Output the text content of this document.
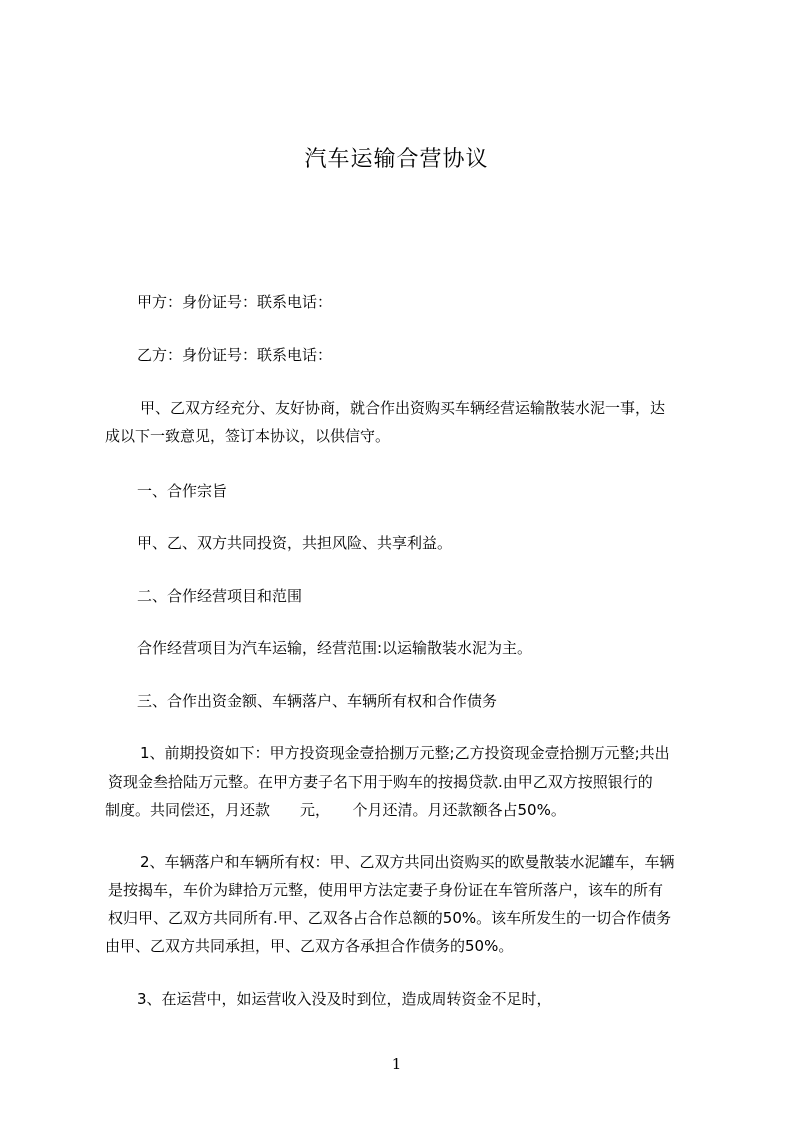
汽车运输合营协议
甲方：身份证号：联系电话：
乙方：身份证号：联系电话：
甲、乙双方经充分、友好协商，就合作出资购买车辆经营运输散装水泥一事，达
成以下一致意见，签订本协议，以供信守。
一、合作宗旨
甲、乙、双方共同投资，共担风险、共享利益。
二、合作经营项目和范围
合作经营项目为汽车运输，经营范围:以运输散装水泥为主。
三、合作出资金额、车辆落户、车辆所有权和合作债务
1、前期投资如下：甲方投资现金壹拾捌万元整;乙方投资现金壹拾捌万元整;共出
资现金叁拾陆万元整。在甲方妻子名下用于购车的按揭贷款.由甲乙双方按照银行的
制度。共同偿还，月还款　　元，　　个月还清。月还款额各占50%。
2、车辆落户和车辆所有权：甲、乙双方共同出资购买的欧曼散装水泥罐车，车辆
是按揭车，车价为肆拾万元整，使用甲方法定妻子身份证在车管所落户，该车的所有
权归甲、乙双方共同所有.甲、乙双各占合作总额的50%。该车所发生的一切合作债务
由甲、乙双方共同承担，甲、乙双方各承担合作债务的50%。
3、在运营中，如运营收入没及时到位，造成周转资金不足时，
1
